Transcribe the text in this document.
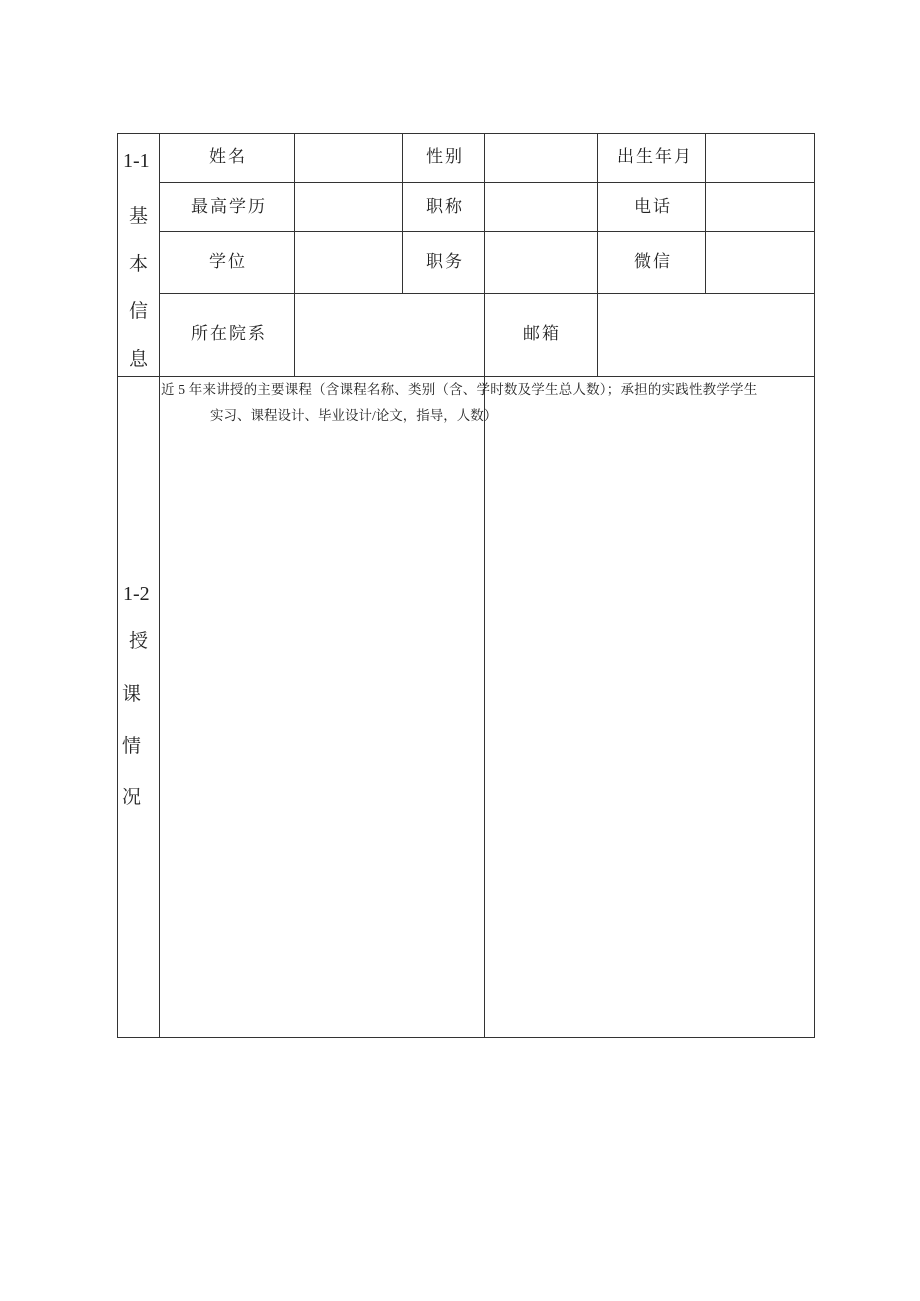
1-1
基
本
信
息
姓名	性别	出生年月
最高学历	职称	电话
学位	职务	微信
所在院系	邮箱
1-2
授
课
情
况
近 5 年来讲授的主要课程（含课程名称、类别（含、学时数及学生总人数）；承担的实践性教学学生
实习、课程设计、毕业设计/论文，指导，人数）
